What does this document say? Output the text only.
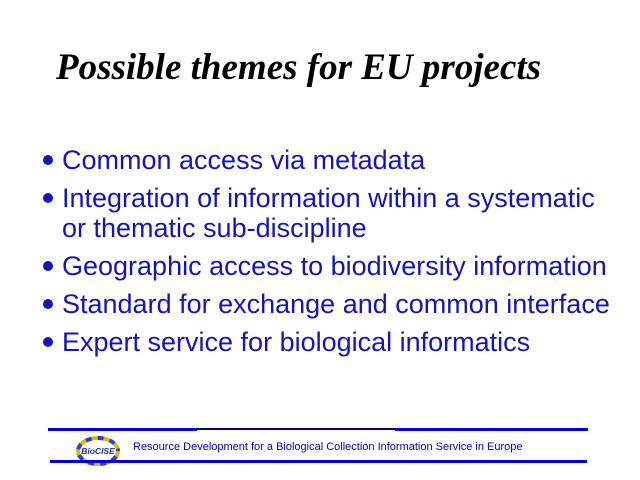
Possible themes for EU projects
Common access via metadata
Integration of information within a systematic
or thematic sub-discipline
Geographic access to biodiversity information
Standard for exchange and common interface
Expert service for biological informatics
BioCISE Resource Development for a Biological Collection Information Service in Europe
